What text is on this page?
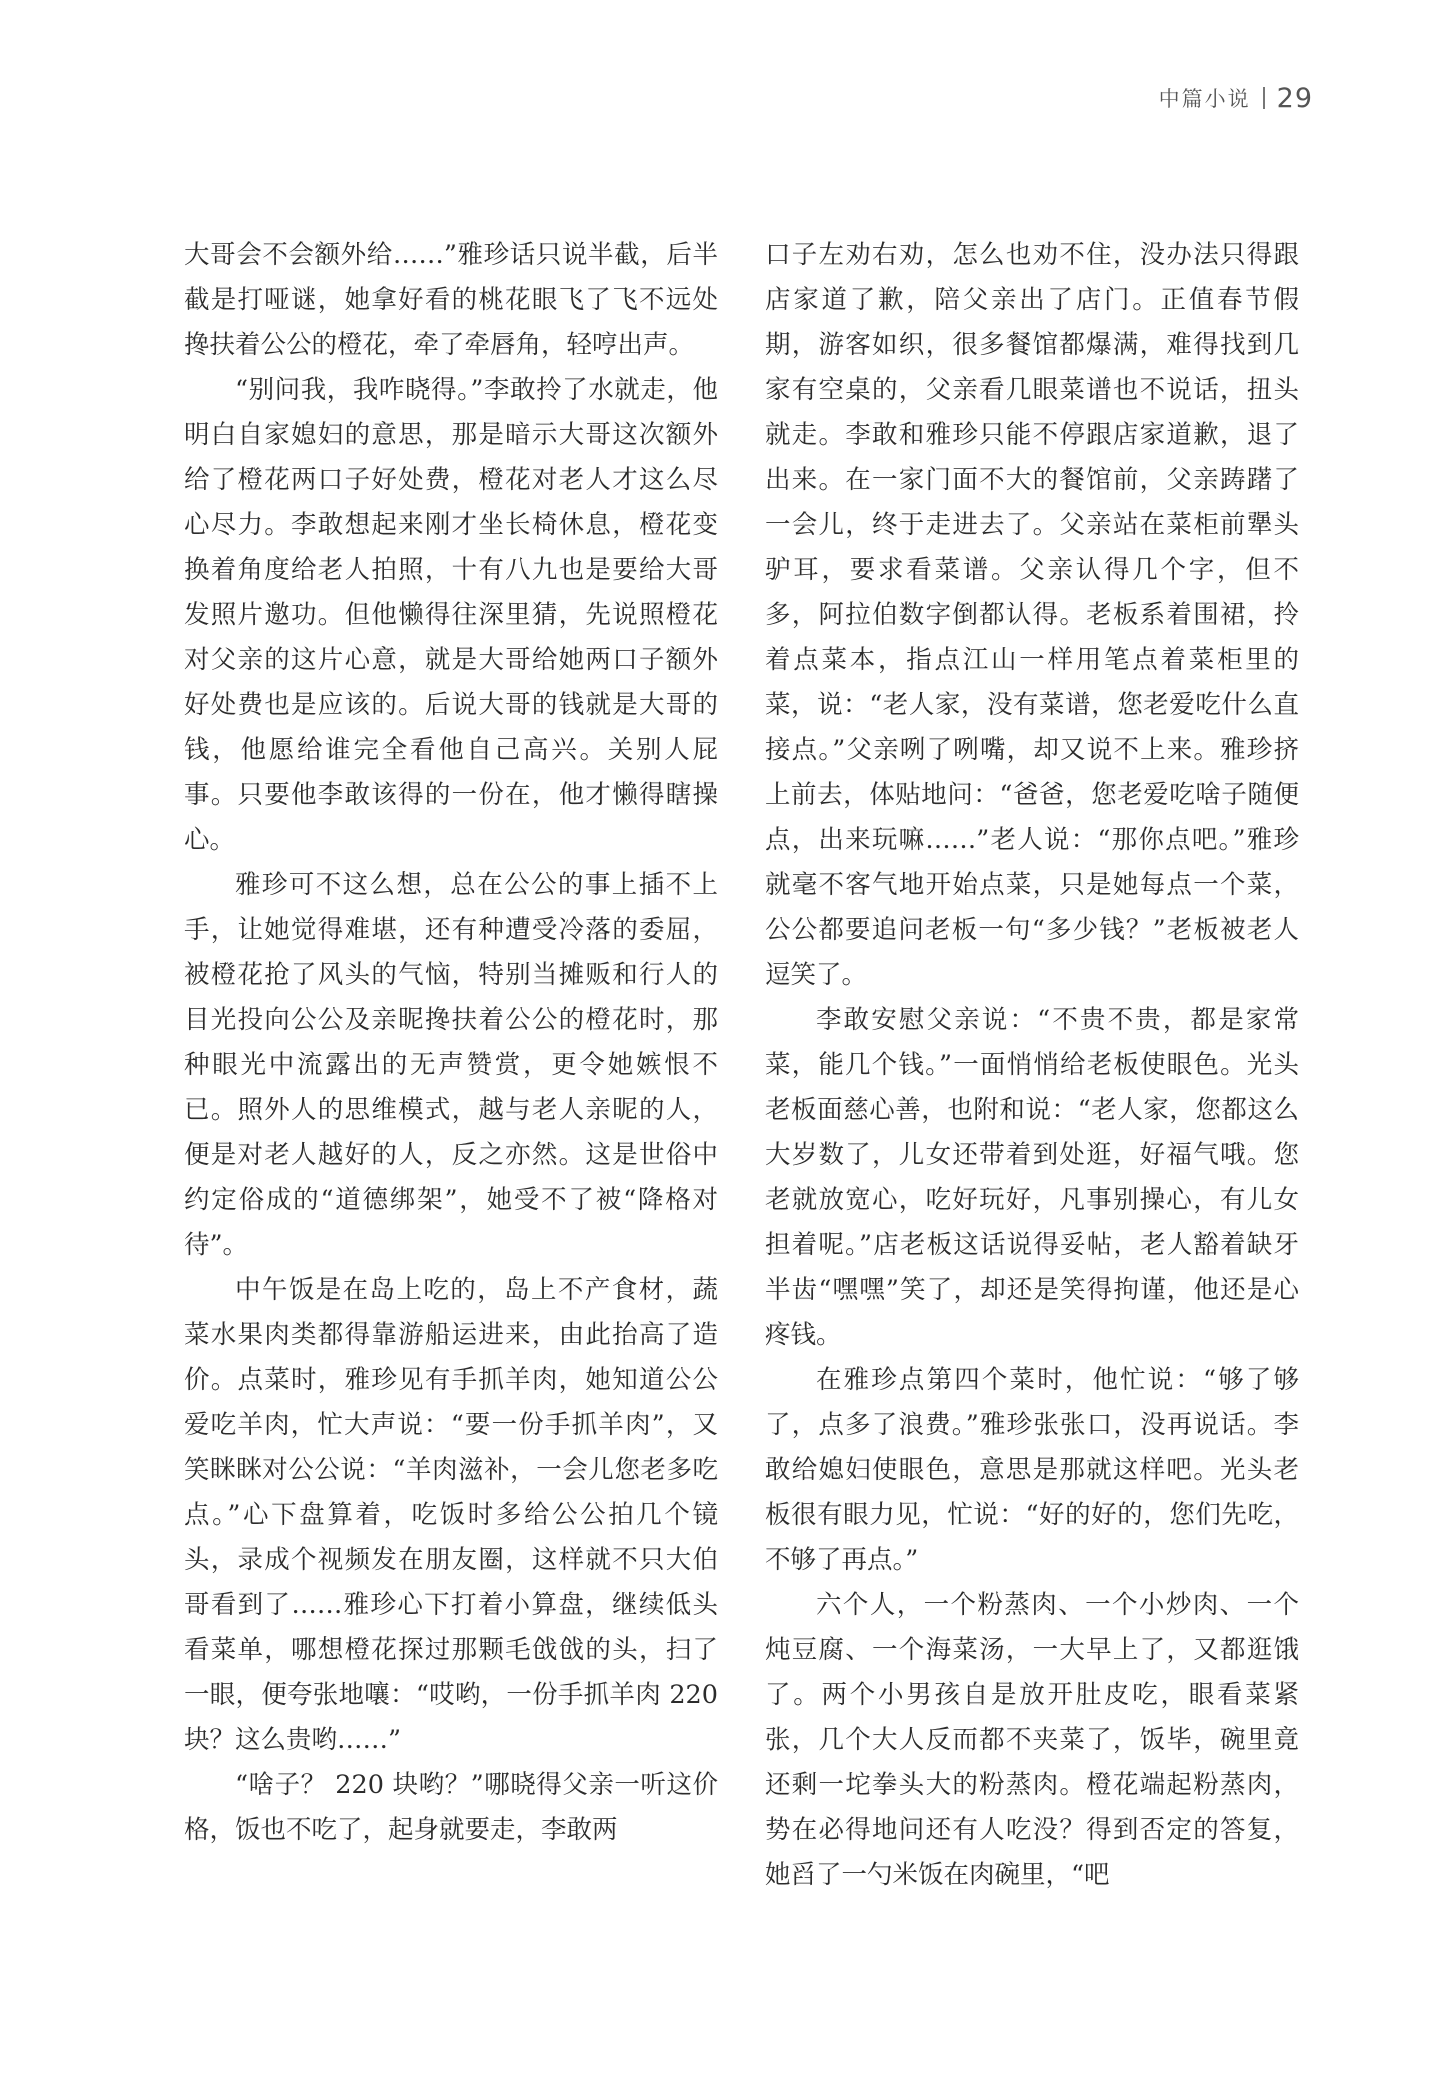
中篇小说 29

大哥会不会额外给……”雅珍话只说半截，后半截是打哑谜，她拿好看的桃花眼飞了飞不远处搀扶着公公的橙花，牵了牵唇角，轻哼出声。

“别问我，我咋晓得。”李敢拎了水就走，他明白自家媳妇的意思，那是暗示大哥这次额外给了橙花两口子好处费，橙花对老人才这么尽心尽力。李敢想起来刚才坐长椅休息，橙花变换着角度给老人拍照，十有八九也是要给大哥发照片邀功。但他懒得往深里猜，先说照橙花对父亲的这片心意，就是大哥给她两口子额外好处费也是应该的。后说大哥的钱就是大哥的钱，他愿给谁完全看他自己高兴。关别人屁事。只要他李敢该得的一份在，他才懒得瞎操心。

雅珍可不这么想，总在公公的事上插不上手，让她觉得难堪，还有种遭受冷落的委屈，被橙花抢了风头的气恼，特别当摊贩和行人的目光投向公公及亲昵搀扶着公公的橙花时，那种眼光中流露出的无声赞赏，更令她嫉恨不已。照外人的思维模式，越与老人亲昵的人，便是对老人越好的人，反之亦然。这是世俗中约定俗成的“道德绑架”，她受不了被“降格对待”。

中午饭是在岛上吃的，岛上不产食材，蔬菜水果肉类都得靠游船运进来，由此抬高了造价。点菜时，雅珍见有手抓羊肉，她知道公公爱吃羊肉，忙大声说：“要一份手抓羊肉”，又笑眯眯对公公说：“羊肉滋补，一会儿您老多吃点。”心下盘算着，吃饭时多给公公拍几个镜头，录成个视频发在朋友圈，这样就不只大伯哥看到了……雅珍心下打着小算盘，继续低头看菜单，哪想橙花探过那颗毛戗戗的头，扫了一眼，便夸张地嚷：“哎哟，一份手抓羊肉 220 块？这么贵哟……”

“啥子？ 220 块哟？”哪晓得父亲一听这价格，饭也不吃了，起身就要走，李敢两

口子左劝右劝，怎么也劝不住，没办法只得跟店家道了歉，陪父亲出了店门。正值春节假期，游客如织，很多餐馆都爆满，难得找到几家有空桌的，父亲看几眼菜谱也不说话，扭头就走。李敢和雅珍只能不停跟店家道歉，退了出来。在一家门面不大的餐馆前，父亲踌躇了一会儿，终于走进去了。父亲站在菜柜前犟头驴耳，要求看菜谱。父亲认得几个字，但不多，阿拉伯数字倒都认得。老板系着围裙，拎着点菜本，指点江山一样用笔点着菜柜里的菜，说：“老人家，没有菜谱，您老爱吃什么直接点。”父亲咧了咧嘴，却又说不上来。雅珍挤上前去，体贴地问：“爸爸，您老爱吃啥子随便点，出来玩嘛……”老人说：“那你点吧。”雅珍就毫不客气地开始点菜，只是她每点一个菜，公公都要追问老板一句“多少钱？”老板被老人逗笑了。

李敢安慰父亲说：“不贵不贵，都是家常菜，能几个钱。”一面悄悄给老板使眼色。光头老板面慈心善，也附和说：“老人家，您都这么大岁数了，儿女还带着到处逛，好福气哦。您老就放宽心，吃好玩好，凡事别操心，有儿女担着呢。”店老板这话说得妥帖，老人豁着缺牙半齿“嘿嘿”笑了，却还是笑得拘谨，他还是心疼钱。

在雅珍点第四个菜时，他忙说：“够了够了，点多了浪费。”雅珍张张口，没再说话。李敢给媳妇使眼色，意思是那就这样吧。光头老板很有眼力见，忙说：“好的好的，您们先吃，不够了再点。”

六个人，一个粉蒸肉、一个小炒肉、一个炖豆腐、一个海菜汤，一大早上了，又都逛饿了。两个小男孩自是放开肚皮吃，眼看菜紧张，几个大人反而都不夹菜了，饭毕，碗里竟还剩一坨拳头大的粉蒸肉。橙花端起粉蒸肉，势在必得地问还有人吃没？得到否定的答复，她舀了一勺米饭在肉碗里，“吧
